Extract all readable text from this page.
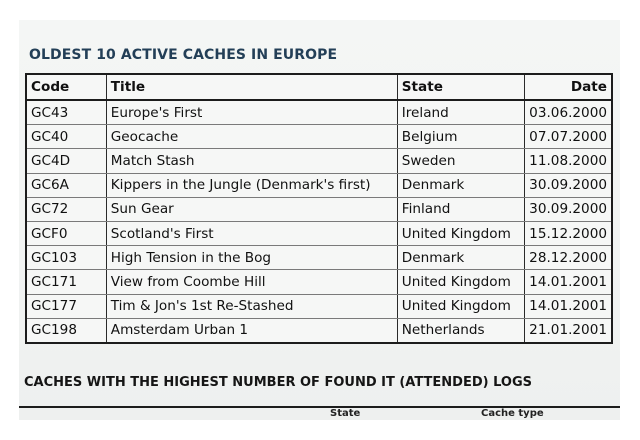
OLDEST 10 ACTIVE CACHES IN EUROPE
Code	Title	State	Date
GC43	Europe's First	Ireland	03.06.2000
GC40	Geocache	Belgium	07.07.2000
GC4D	Match Stash	Sweden	11.08.2000
GC6A	Kippers in the Jungle (Denmark's first)	Denmark	30.09.2000
GC72	Sun Gear	Finland	30.09.2000
GCF0	Scotland's First	United Kingdom	15.12.2000
GC103	High Tension in the Bog	Denmark	28.12.2000
GC171	View from Coombe Hill	United Kingdom	14.01.2001
GC177	Tim & Jon's 1st Re-Stashed	United Kingdom	14.01.2001
GC198	Amsterdam Urban 1	Netherlands	21.01.2001
CACHES WITH THE HIGHEST NUMBER OF FOUND IT (ATTENDED) LOGS
State	Cache type
